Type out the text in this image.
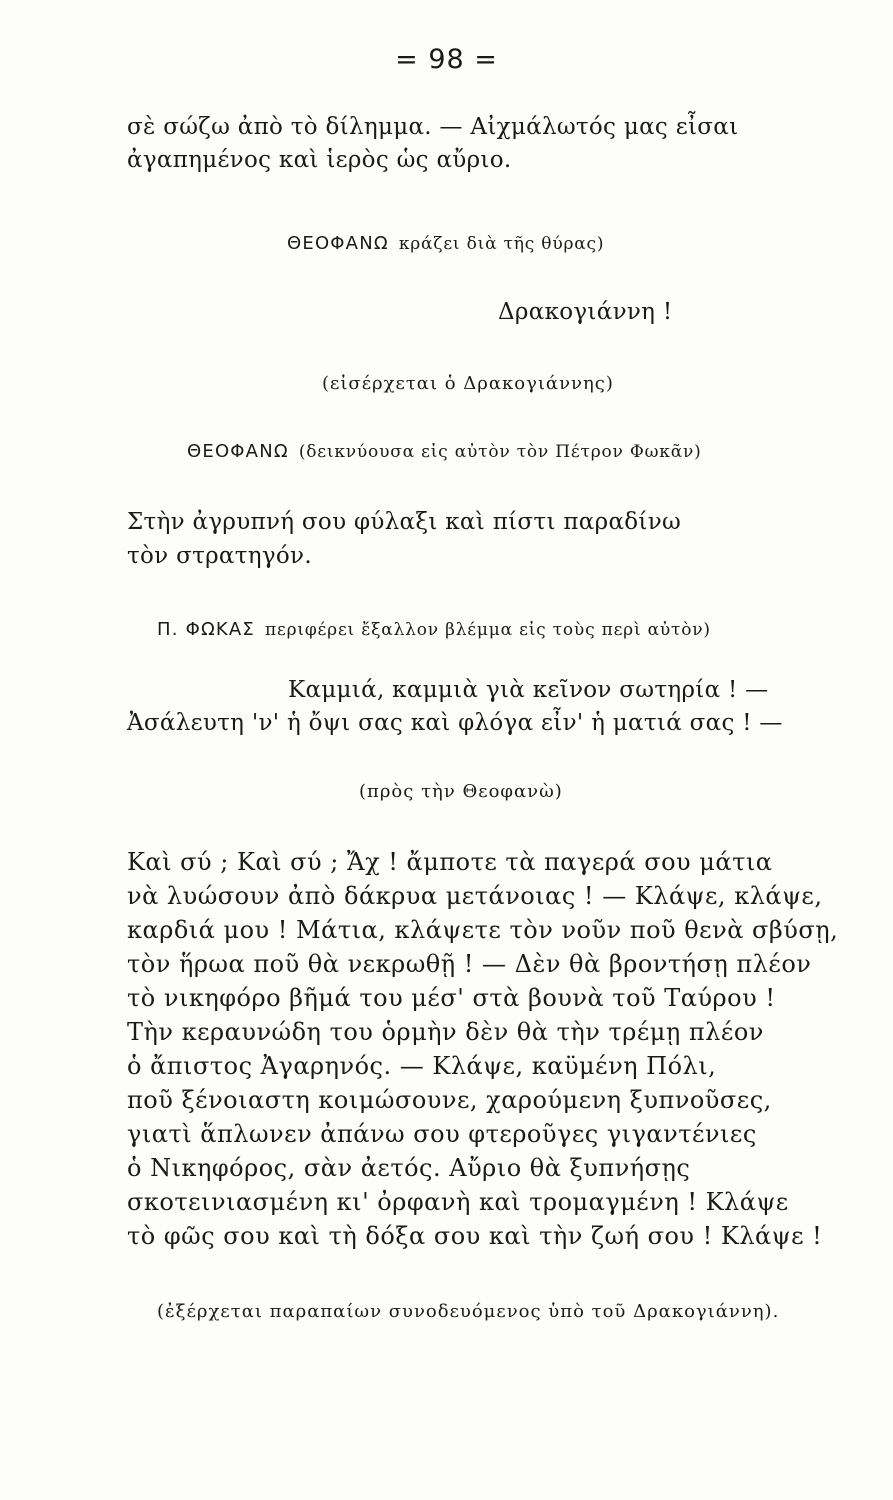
= 98 =
σὲ σώζω ἀπὸ τὸ δίλημμα. — Αἰχμάλωτός μας εἶσαι
ἀγαπημένος καὶ ἱερὸς ὡς αὔριο.
ΘΕΟΦΑΝΩ κράζει διὰ τῆς θύρας)
Δρακογιάννη !
(εἰσέρχεται ὁ Δρακογιάννης)
ΘΕΟΦΑΝΩ (δεικνύουσα εἰς αὐτὸν τὸν Πέτρον Φωκᾶν)
Στὴν ἀγρυπνή σου φύλαξι καὶ πίστι παραδίνω
τὸν στρατηγόν.
Π. ΦΩΚΑΣ περιφέρει ἔξαλλον βλέμμα εἰς τοὺς περὶ αὐτὸν)
Καμμιά, καμμιὰ γιὰ κεῖνον σωτηρία ! —
Ἀσάλευτη 'ν' ἡ ὄψι σας καὶ φλόγα εἶν' ἡ ματιά σας ! —
(πρὸς τὴν Θεοφανὼ)
Καὶ σύ ; Καὶ σύ ; Ἄχ ! ἄμποτε τὰ παγερά σου μάτια
νὰ λυώσουν ἀπὸ δάκρυα μετάνοιας ! — Κλάψε, κλάψε,
καρδιά μου ! Μάτια, κλάψετε τὸν νοῦν ποῦ θενὰ σβύσῃ,
τὸν ἥρωα ποῦ θὰ νεκρωθῇ ! — Δὲν θὰ βροντήσῃ πλέον
τὸ νικηφόρο βῆμά του μέσ' στὰ βουνὰ τοῦ Ταύρου !
Τὴν κεραυνώδη του ὁρμὴν δὲν θὰ τὴν τρέμῃ πλέον
ὁ ἄπιστος Ἀγαρηνός. — Κλάψε, καϋμένη Πόλι,
ποῦ ξένοιαστη κοιμώσουνε, χαρούμενη ξυπνοῦσες,
γιατὶ ἅπλωνεν ἀπάνω σου φτεροῦγες γιγαντένιες
ὁ Νικηφόρος, σὰν ἀετός. Αὔριο θὰ ξυπνήσῃς
σκοτεινιασμένη κι' ὀρφανὴ καὶ τρομαγμένη ! Κλάψε
τὸ φῶς σου καὶ τὴ δόξα σου καὶ τὴν ζωή σου ! Κλάψε !
(ἐξέρχεται παραπαίων συνοδευόμενος ὑπὸ τοῦ Δρακογιάννη).
